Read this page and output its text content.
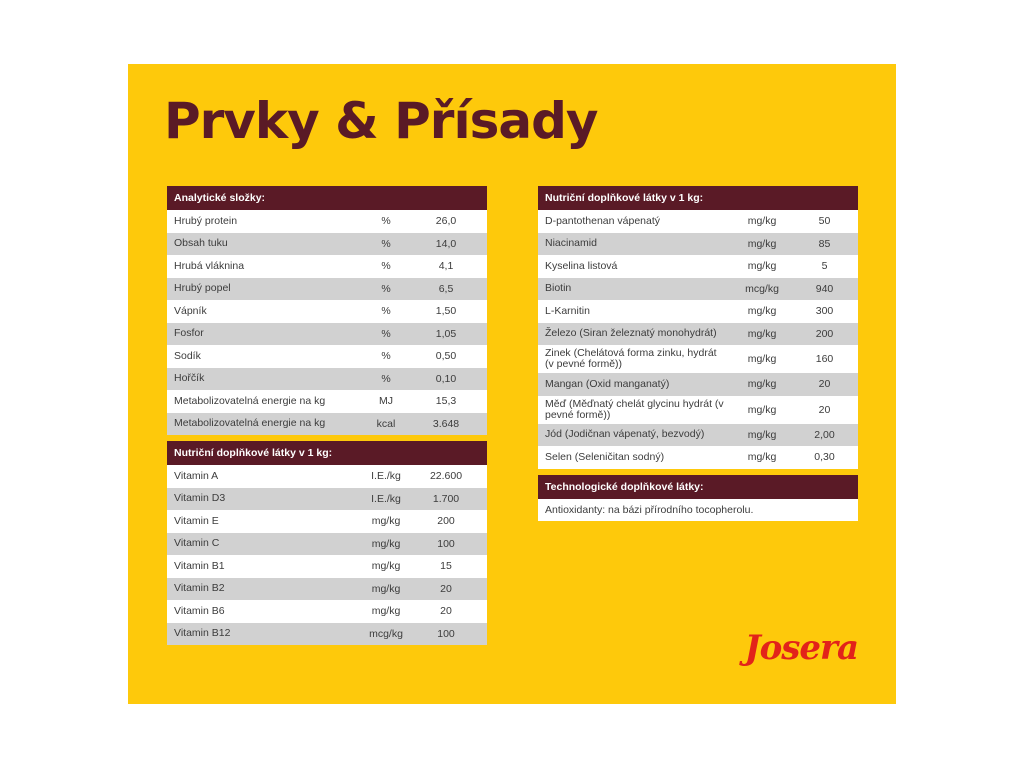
Prvky & Přísady
Analytické složky:
Hrubý protein	%	26,0
Obsah tuku	%	14,0
Hrubá vláknina	%	4,1
Hrubý popel	%	6,5
Vápník	%	1,50
Fosfor	%	1,05
Sodík	%	0,50
Hořčík	%	0,10
Metabolizovatelná energie na kg	MJ	15,3
Metabolizovatelná energie na kg	kcal	3.648
Nutriční doplňkové látky v 1 kg:
Vitamin A	I.E./kg	22.600
Vitamin D3	I.E./kg	1.700
Vitamin E	mg/kg	200
Vitamin C	mg/kg	100
Vitamin B1	mg/kg	15
Vitamin B2	mg/kg	20
Vitamin B6	mg/kg	20
Vitamin B12	mcg/kg	100
Nutriční doplňkové látky v 1 kg:
D-pantothenan vápenatý	mg/kg	50
Niacinamid	mg/kg	85
Kyselina listová	mg/kg	5
Biotin	mcg/kg	940
L-Karnitin	mg/kg	300
Železo (Siran železnatý monohydrát)	mg/kg	200
Zinek (Chelátová forma zinku, hydrát (v pevné formě))	mg/kg	160
Mangan (Oxid manganatý)	mg/kg	20
Měď (Měďnatý chelát glycinu hydrát (v pevné formě))	mg/kg	20
Jód (Jodičnan vápenatý, bezvodý)	mg/kg	2,00
Selen (Seleničitan sodný)	mg/kg	0,30
Technologické doplňkové látky:
Antioxidanty: na bázi přírodního tocopherolu.
Josera
